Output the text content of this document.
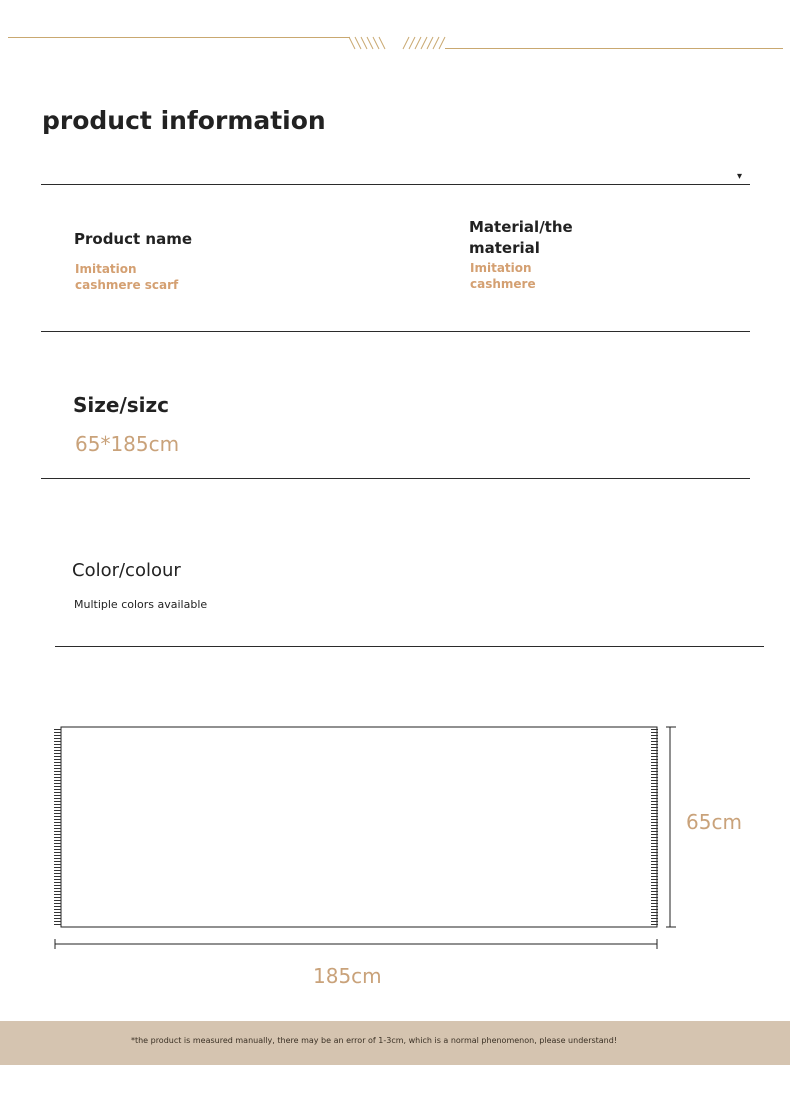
product information
▾
Product name
Imitation
cashmere scarf
Material/the
material
Imitation
cashmere
Size/sizc
65*185cm
Color/colour
Multiple colors available
65cm
185cm
*the product is measured manually, there may be an error of 1-3cm, which is a normal phenomenon, please understand!
